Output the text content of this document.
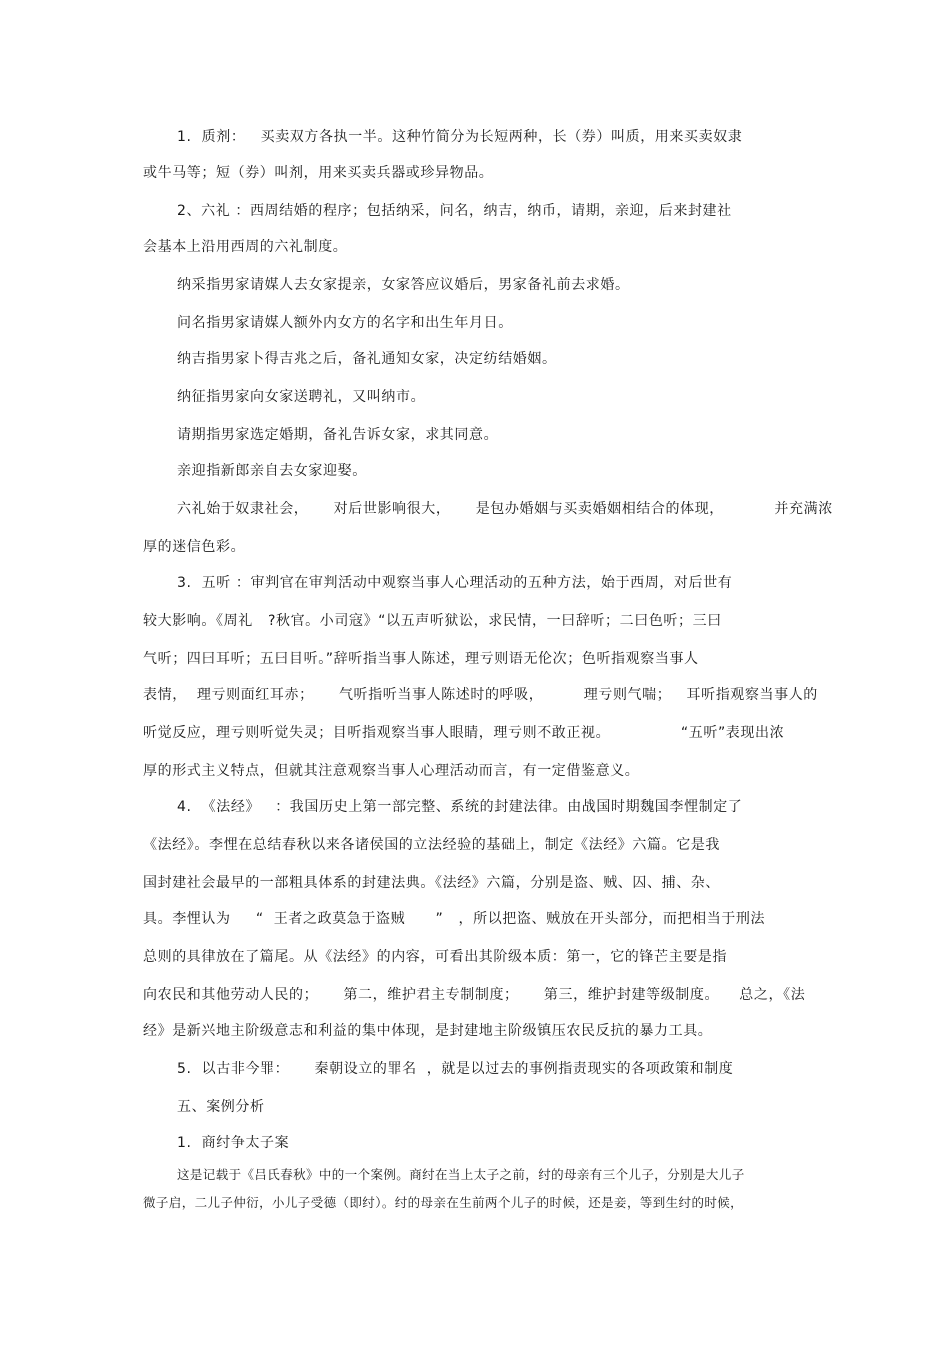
1.  质剂：   买卖双方各执一半。这种竹简分为长短两种，长（券）叫质，用来买卖奴隶
或牛马等；短（券）叫剂，用来买卖兵器或珍异物品。
2、六礼 ：西周结婚的程序；包括纳采，问名，纳吉，纳币，请期，亲迎，后来封建社
会基本上沿用西周的六礼制度。
纳采指男家请媒人去女家提亲，女家答应议婚后，男家备礼前去求婚。
问名指男家请媒人额外内女方的名字和出生年月日。
纳吉指男家卜得吉兆之后，备礼通知女家，决定纺结婚姻。
纳征指男家向女家送聘礼，又叫纳市。
请期指男家选定婚期，备礼告诉女家，求其同意。
亲迎指新郎亲自去女家迎娶。
六礼始于奴隶社会，     对后世影响很大，     是包办婚姻与买卖婚姻相结合的体现，          并充满浓
厚的迷信色彩。
3.  五听 ：审判官在审判活动中观察当事人心理活动的五种方法，始于西周，对后世有
较大影响。《周礼   ?秋官。小司寇》“以五声听狱讼，求民情，一曰辞听；二曰色听；三曰
气听；四曰耳听；五曰目听。”辞听指当事人陈述，理亏则语无伦次；色听指观察当事人
表情，  理亏则面红耳赤；     气听指听当事人陈述时的呼吸，        理亏则气喘；   耳听指观察当事人的
听觉反应，理亏则听觉失灵；目听指观察当事人眼睛，理亏则不敢正视。              “五听”表现出浓
厚的形式主义特点，但就其注意观察当事人心理活动而言，有一定借鉴意义。
4.  《法经》   ：我国历史上第一部完整、系统的封建法律。由战国时期魏国李悝制定了
《法经》。李悝在总结春秋以来各诸侯国的立法经验的基础上，制定《法经》六篇。它是我
国封建社会最早的一部粗具体系的封建法典。《法经》六篇，分别是盗、贼、囚、捕、杂、
具。李悝认为     “  王者之政莫急于盗贼      ”   ，所以把盗、贼放在开头部分，而把相当于刑法
总则的具律放在了篇尾。从《法经》的内容，可看出其阶级本质：第一，它的锋芒主要是指
向农民和其他劳动人民的；     第二，维护君主专制制度；     第三，维护封建等级制度。    总之，《法
经》是新兴地主阶级意志和利益的集中体现，是封建地主阶级镇压农民反抗的暴力工具。
5.  以古非今罪：     秦朝设立的罪名  ，就是以过去的事例指责现实的各项政策和制度
五、案例分析
1.  商纣争太子案
这是记载于《吕氏春秋》中的一个案例。商纣在当上太子之前，纣的母亲有三个儿子，分别是大儿子
微子启，二儿子仲衍，小儿子受德（即纣）。纣的母亲在生前两个儿子的时候，还是妾，等到生纣的时候，
